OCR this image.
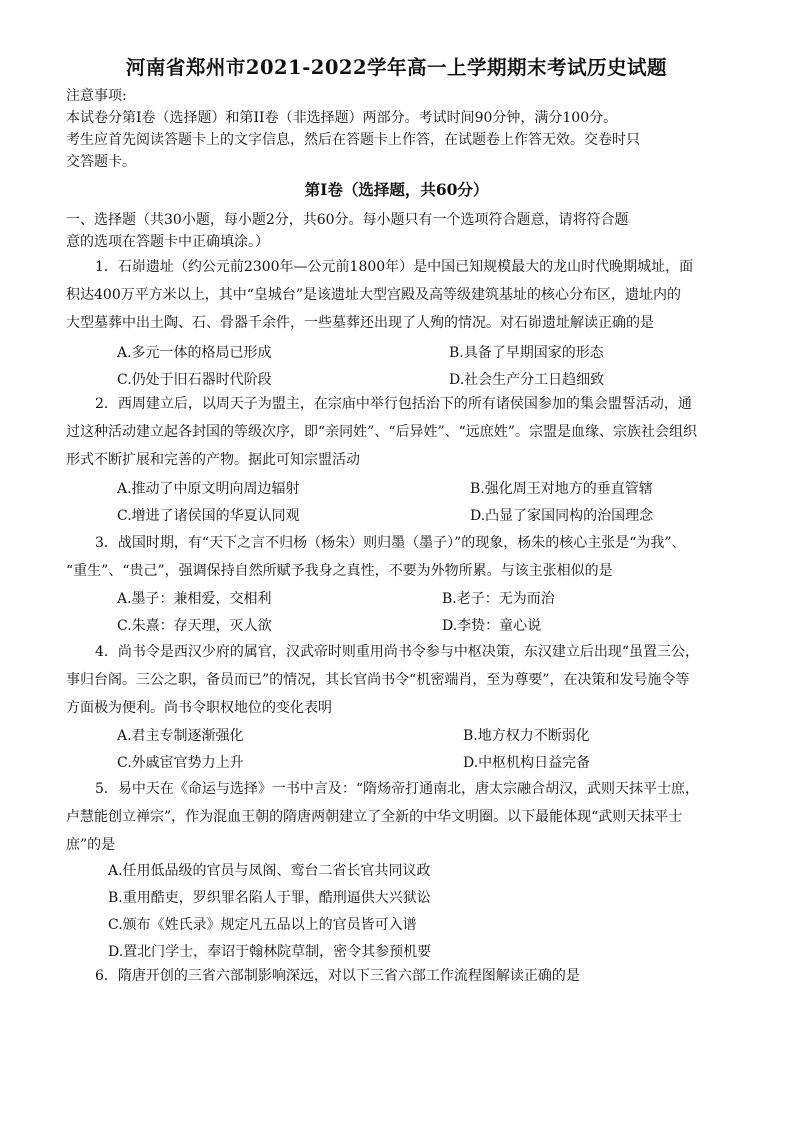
河南省郑州市2021-2022学年高一上学期期末考试历史试题
注意事项:
本试卷分第I卷（选择题）和第II卷（非选择题）两部分。考试时间90分钟，满分100分。
考生应首先阅读答题卡上的文字信息，然后在答题卡上作答，在试题卷上作答无效。交卷时只
交答题卡。
第I卷（选择题，共60分）
一、选择题（共30小题，每小题2分，共60分。每小题只有一个选项符合题意，请将符合题
意的选项在答题卡中正确填涂。）
1．石峁遗址（约公元前2300年—公元前1800年）是中国已知规模最大的龙山时代晚期城址，面
积达400万平方米以上，其中“皇城台”是该遗址大型宫殿及高等级建筑基址的核心分布区，遗址内的
大型墓葬中出土陶、石、骨器千余件，一些墓葬还出现了人殉的情况。对石峁遗址解读正确的是
A.多元一体的格局已形成	B.具备了早期国家的形态
C.仍处于旧石器时代阶段	D.社会生产分工日趋细致
2．西周建立后，以周天子为盟主，在宗庙中举行包括治下的所有诸侯国参加的集会盟誓活动，通
过这种活动建立起各封国的等级次序，即“亲同姓”、“后异姓”、“远庶姓”。宗盟是血缘、宗族社会组织
形式不断扩展和完善的产物。据此可知宗盟活动
A.推动了中原文明向周边辐射	B.强化周王对地方的垂直管辖
C.增进了诸侯国的华夏认同观	D.凸显了家国同构的治国理念
3．战国时期，有“天下之言不归杨（杨朱）则归墨（墨子）”的现象，杨朱的核心主张是“为我”、
“重生”、“贵己”，强调保持自然所赋予我身之真性，不要为外物所累。与该主张相似的是
A.墨子：兼相爱，交相利	B.老子：无为而治
C.朱熹：存天理，灭人欲	D.李贽：童心说
4．尚书令是西汉少府的属官，汉武帝时则重用尚书令参与中枢决策，东汉建立后出现“虽置三公，
事归台阁。三公之职，备员而已”的情况，其长官尚书令“机密端肖，至为尊要”，在决策和发号施令等
方面极为便利。尚书令职权地位的变化表明
A.君主专制逐渐强化	B.地方权力不断弱化
C.外戚宦官势力上升	D.中枢机构日益完备
5．易中天在《命运与选择》一书中言及：“隋炀帝打通南北，唐太宗融合胡汉，武则天抹平士庶，
卢慧能创立禅宗”，作为混血王朝的隋唐两朝建立了全新的中华文明圈。以下最能体现“武则天抹平士
庶”的是
A.任用低品级的官员与凤阁、鸾台二省长官共同议政
B.重用酷吏，罗织罪名陷人于罪，酷刑逼供大兴狱讼
C.颁布《姓氏录》规定凡五品以上的官员皆可入谱
D.置北门学士，奉诏于翰林院草制，密令其参预机要
6．隋唐开创的三省六部制影响深远，对以下三省六部工作流程图解读正确的是
